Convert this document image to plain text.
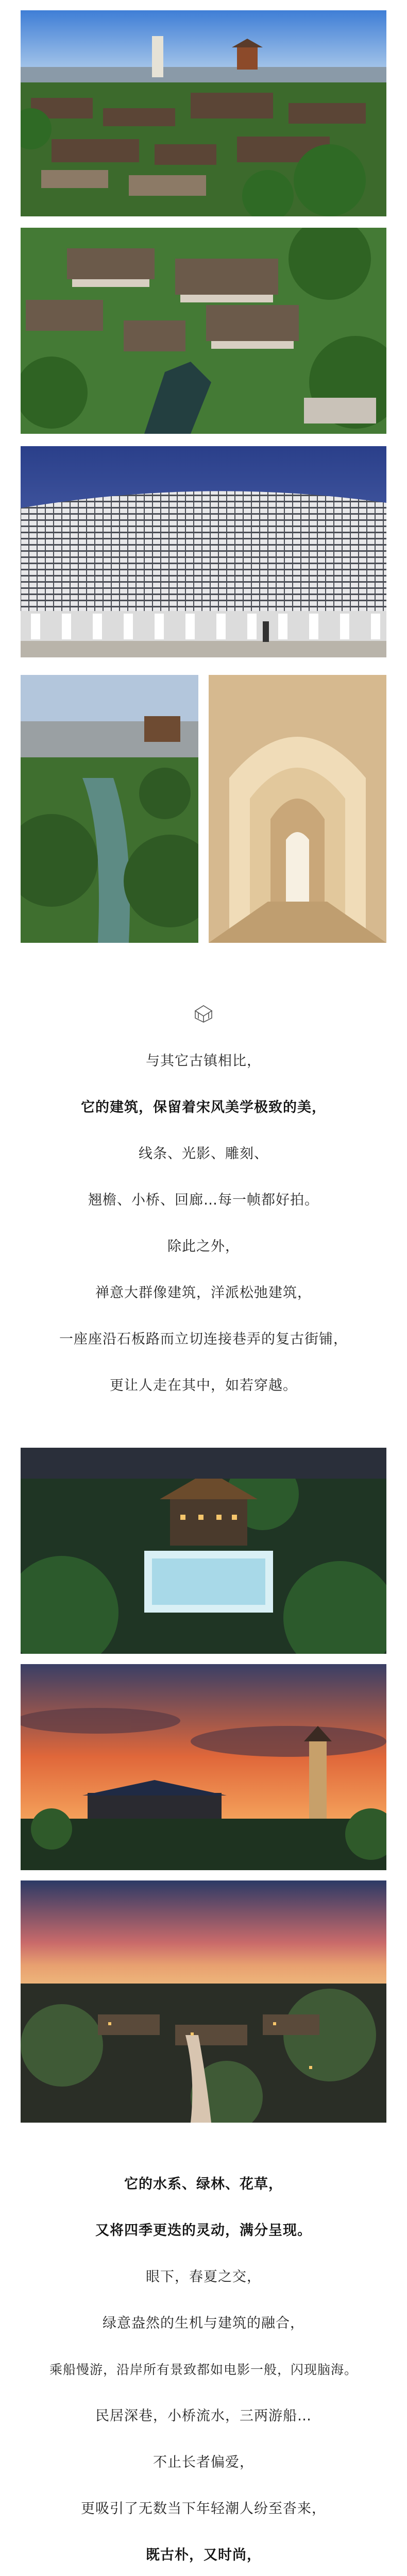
与其它古镇相比，
它的建筑，保留着宋风美学极致的美，
线条、光影、雕刻、
翘檐、小桥、回廊…每一帧都好拍。
除此之外，
禅意大群像建筑，洋派松弛建筑，
一座座沿石板路而立切连接巷弄的复古街铺，
更让人走在其中，如若穿越。
它的水系、绿林、花草，
又将四季更迭的灵动，满分呈现。
眼下，春夏之交，
绿意盎然的生机与建筑的融合，
乘船慢游，沿岸所有景致都如电影一般，闪现脑海。
民居深巷，小桥流水，三两游船…
不止长者偏爱，
更吸引了无数当下年轻潮人纷至沓来，
既古朴，又时尚，
